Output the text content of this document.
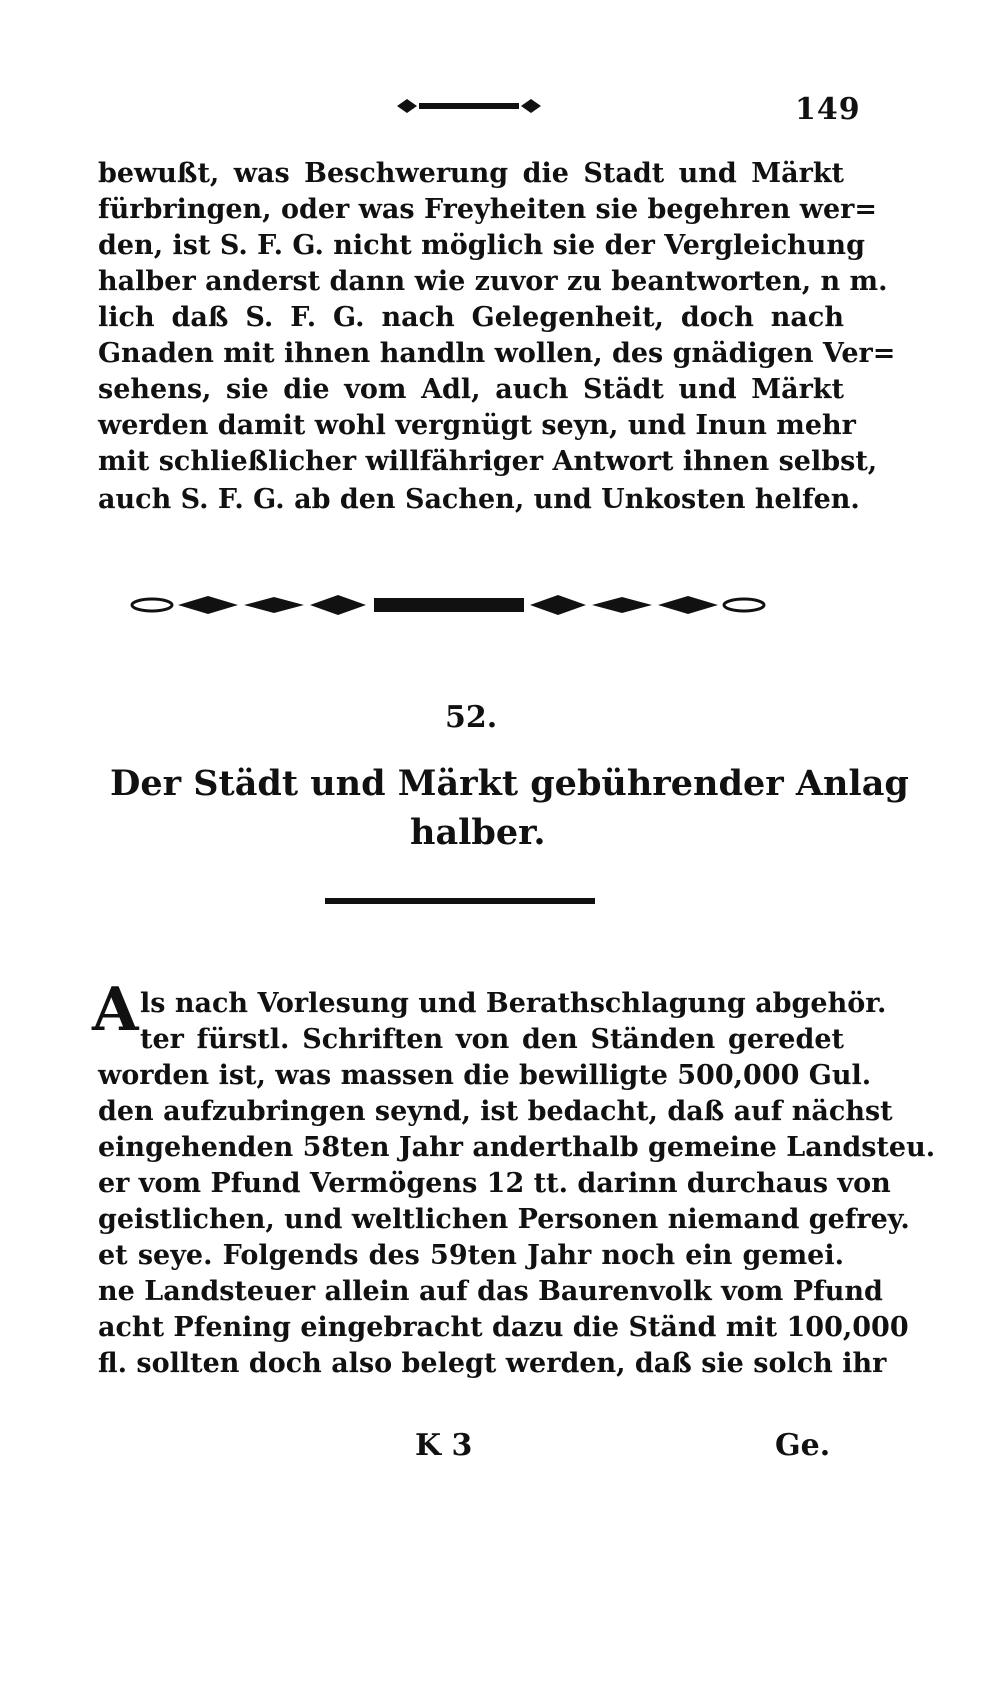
149
bewußt, was Beschwerung die Stadt und Märkt
fürbringen, oder was Freyheiten sie begehren wer=
den, ist S. F. G. nicht möglich sie der Vergleichung
halber anderst dann wie zuvor zu beantworten, n m.
lich daß S. F. G. nach Gelegenheit, doch nach
Gnaden mit ihnen handln wollen, des gnädigen Ver=
sehens, sie die vom Adl, auch Städt und Märkt
werden damit wohl vergnügt seyn, und Inun mehr
mit schließlicher willfähriger Antwort ihnen selbst,
auch S. F. G. ab den Sachen, und Unkosten helfen.
52.
Der Städt und Märkt gebührender Anlag
halber.
A ls nach Vorlesung und Berathschlagung abgehör.
ter fürstl. Schriften von den Ständen geredet
worden ist, was massen die bewilligte 500,000 Gul.
den aufzubringen seynd, ist bedacht, daß auf nächst
eingehenden 58ten Jahr anderthalb gemeine Landsteu.
er vom Pfund Vermögens 12 tt. darinn durchaus von
geistlichen, und weltlichen Personen niemand gefrey.
et seye. Folgends des 59ten Jahr noch ein gemei.
ne Landsteuer allein auf das Baurenvolk vom Pfund
acht Pfening eingebracht dazu die Ständ mit 100,000
fl. sollten doch also belegt werden, daß sie solch ihr
K 3	Ge.
